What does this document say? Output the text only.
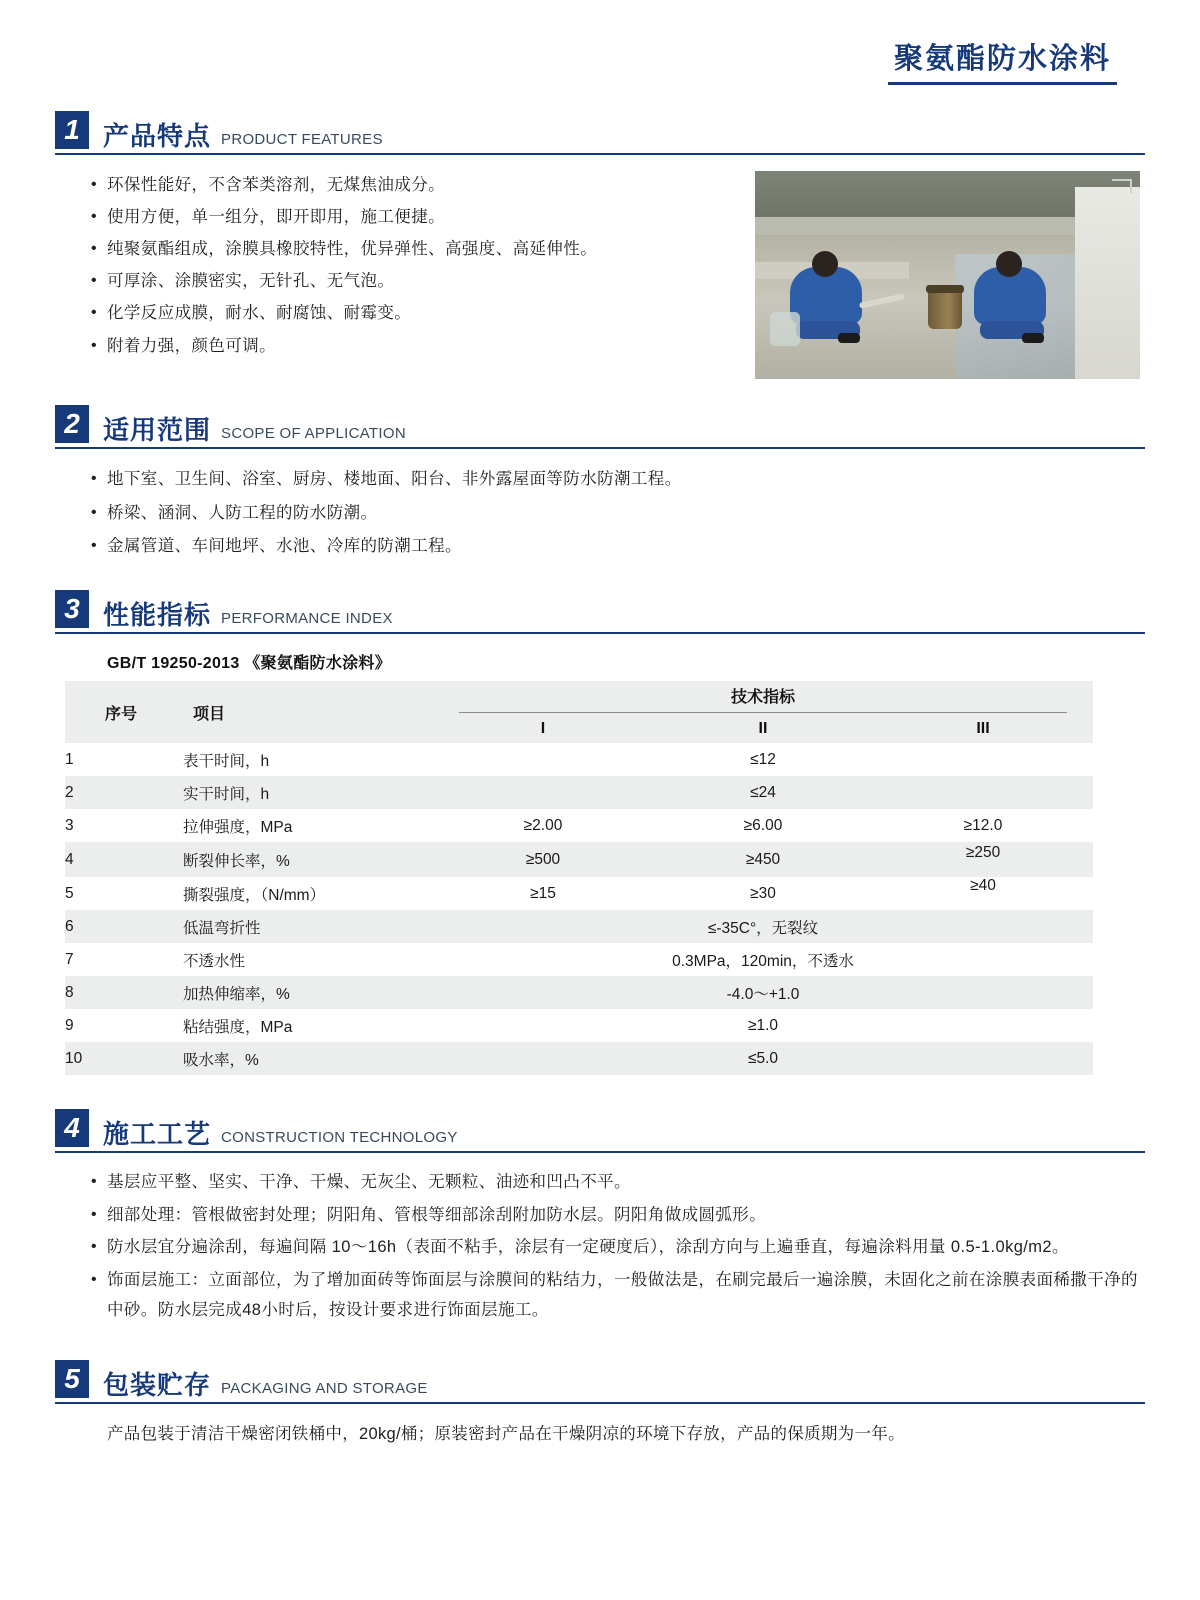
聚氨酯防水涂料
1 产品特点 PRODUCT FEATURES
• 环保性能好，不含苯类溶剂，无煤焦油成分。
• 使用方便，单一组分，即开即用，施工便捷。
• 纯聚氨酯组成，涂膜具橡胶特性，优异弹性、高强度、高延伸性。
• 可厚涂、涂膜密实，无针孔、无气泡。
• 化学反应成膜，耐水、耐腐蚀、耐霉变。
• 附着力强，颜色可调。
2 适用范围 SCOPE OF APPLICATION
• 地下室、卫生间、浴室、厨房、楼地面、阳台、非外露屋面等防水防潮工程。
• 桥梁、涵洞、人防工程的防水防潮。
• 金属管道、车间地坪、水池、冷库的防潮工程。
3 性能指标 PERFORMANCE INDEX
GB/T 19250-2013 《聚氨酯防水涂料》
序号	项目	技术指标		
		I	II	III
1	表干时间，h	≤12		
2	实干时间，h	≤24		
3	拉伸强度，MPa	≥2.00	≥6.00	≥12.0
4	断裂伸长率，%	≥500	≥450	≥250
5	撕裂强度，（N/mm）	≥15	≥30	≥40
6	低温弯折性	≤-35C°，无裂纹		
7	不透水性	0.3MPa，120min，不透水		
8	加热伸缩率，%	-4.0～+1.0		
9	粘结强度，MPa	≥1.0		
10	吸水率，%	≤5.0		
4 施工工艺 CONSTRUCTION TECHNOLOGY
• 基层应平整、坚实、干净、干燥、无灰尘、无颗粒、油迹和凹凸不平。
• 细部处理：管根做密封处理；阴阳角、管根等细部涂刮附加防水层。阴阳角做成圆弧形。
• 防水层宜分遍涂刮，每遍间隔 10～16h（表面不粘手，涂层有一定硬度后），涂刮方向与上遍垂直，每遍涂料用量 0.5-1.0kg/m2。
• 饰面层施工：立面部位，为了增加面砖等饰面层与涂膜间的粘结力，一般做法是，在刷完最后一遍涂膜，未固化之前在涂膜表面稀撒干净的中砂。防水层完成48小时后，按设计要求进行饰面层施工。
5 包装贮存 PACKAGING AND STORAGE
产品包装于清洁干燥密闭铁桶中，20kg/桶；原装密封产品在干燥阴凉的环境下存放，产品的保质期为一年。
